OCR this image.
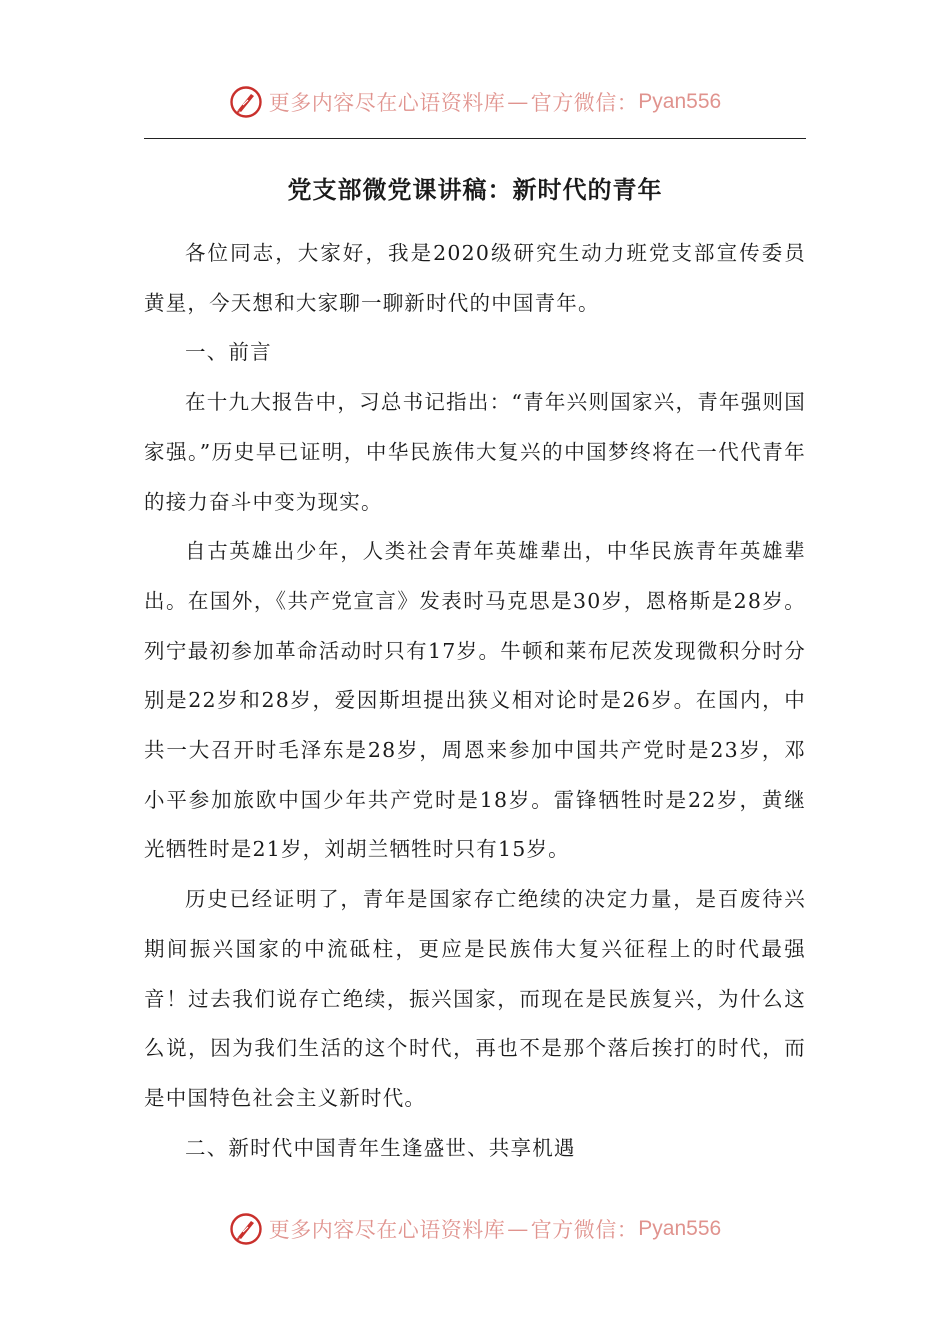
更多内容尽在心语资料库 — 官方微信： Pyan556
党支部微党课讲稿：新时代的青年

各位同志，大家好，我是2020级研究生动力班党支部宣传委员黄星，今天想和大家聊一聊新时代的中国青年。

一、前言

在十九大报告中，习总书记指出：“青年兴则国家兴，青年强则国家强。”历史早已证明，中华民族伟大复兴的中国梦终将在一代代青年的接力奋斗中变为现实。

自古英雄出少年，人类社会青年英雄辈出，中华民族青年英雄辈出。在国外，《共产党宣言》发表时马克思是30岁，恩格斯是28岁。列宁最初参加革命活动时只有17岁。牛顿和莱布尼茨发现微积分时分别是22岁和28岁，爱因斯坦提出狭义相对论时是26岁。在国内，中共一大召开时毛泽东是28岁，周恩来参加中国共产党时是23岁，邓小平参加旅欧中国少年共产党时是18岁。雷锋牺牲时是22岁，黄继光牺牲时是21岁，刘胡兰牺牲时只有15岁。

历史已经证明了，青年是国家存亡绝续的决定力量，是百废待兴期间振兴国家的中流砥柱，更应是民族伟大复兴征程上的时代最强音！过去我们说存亡绝续，振兴国家，而现在是民族复兴，为什么这么说，因为我们生活的这个时代，再也不是那个落后挨打的时代，而是中国特色社会主义新时代。

二、新时代中国青年生逢盛世、共享机遇

更多内容尽在心语资料库 — 官方微信： Pyan556
